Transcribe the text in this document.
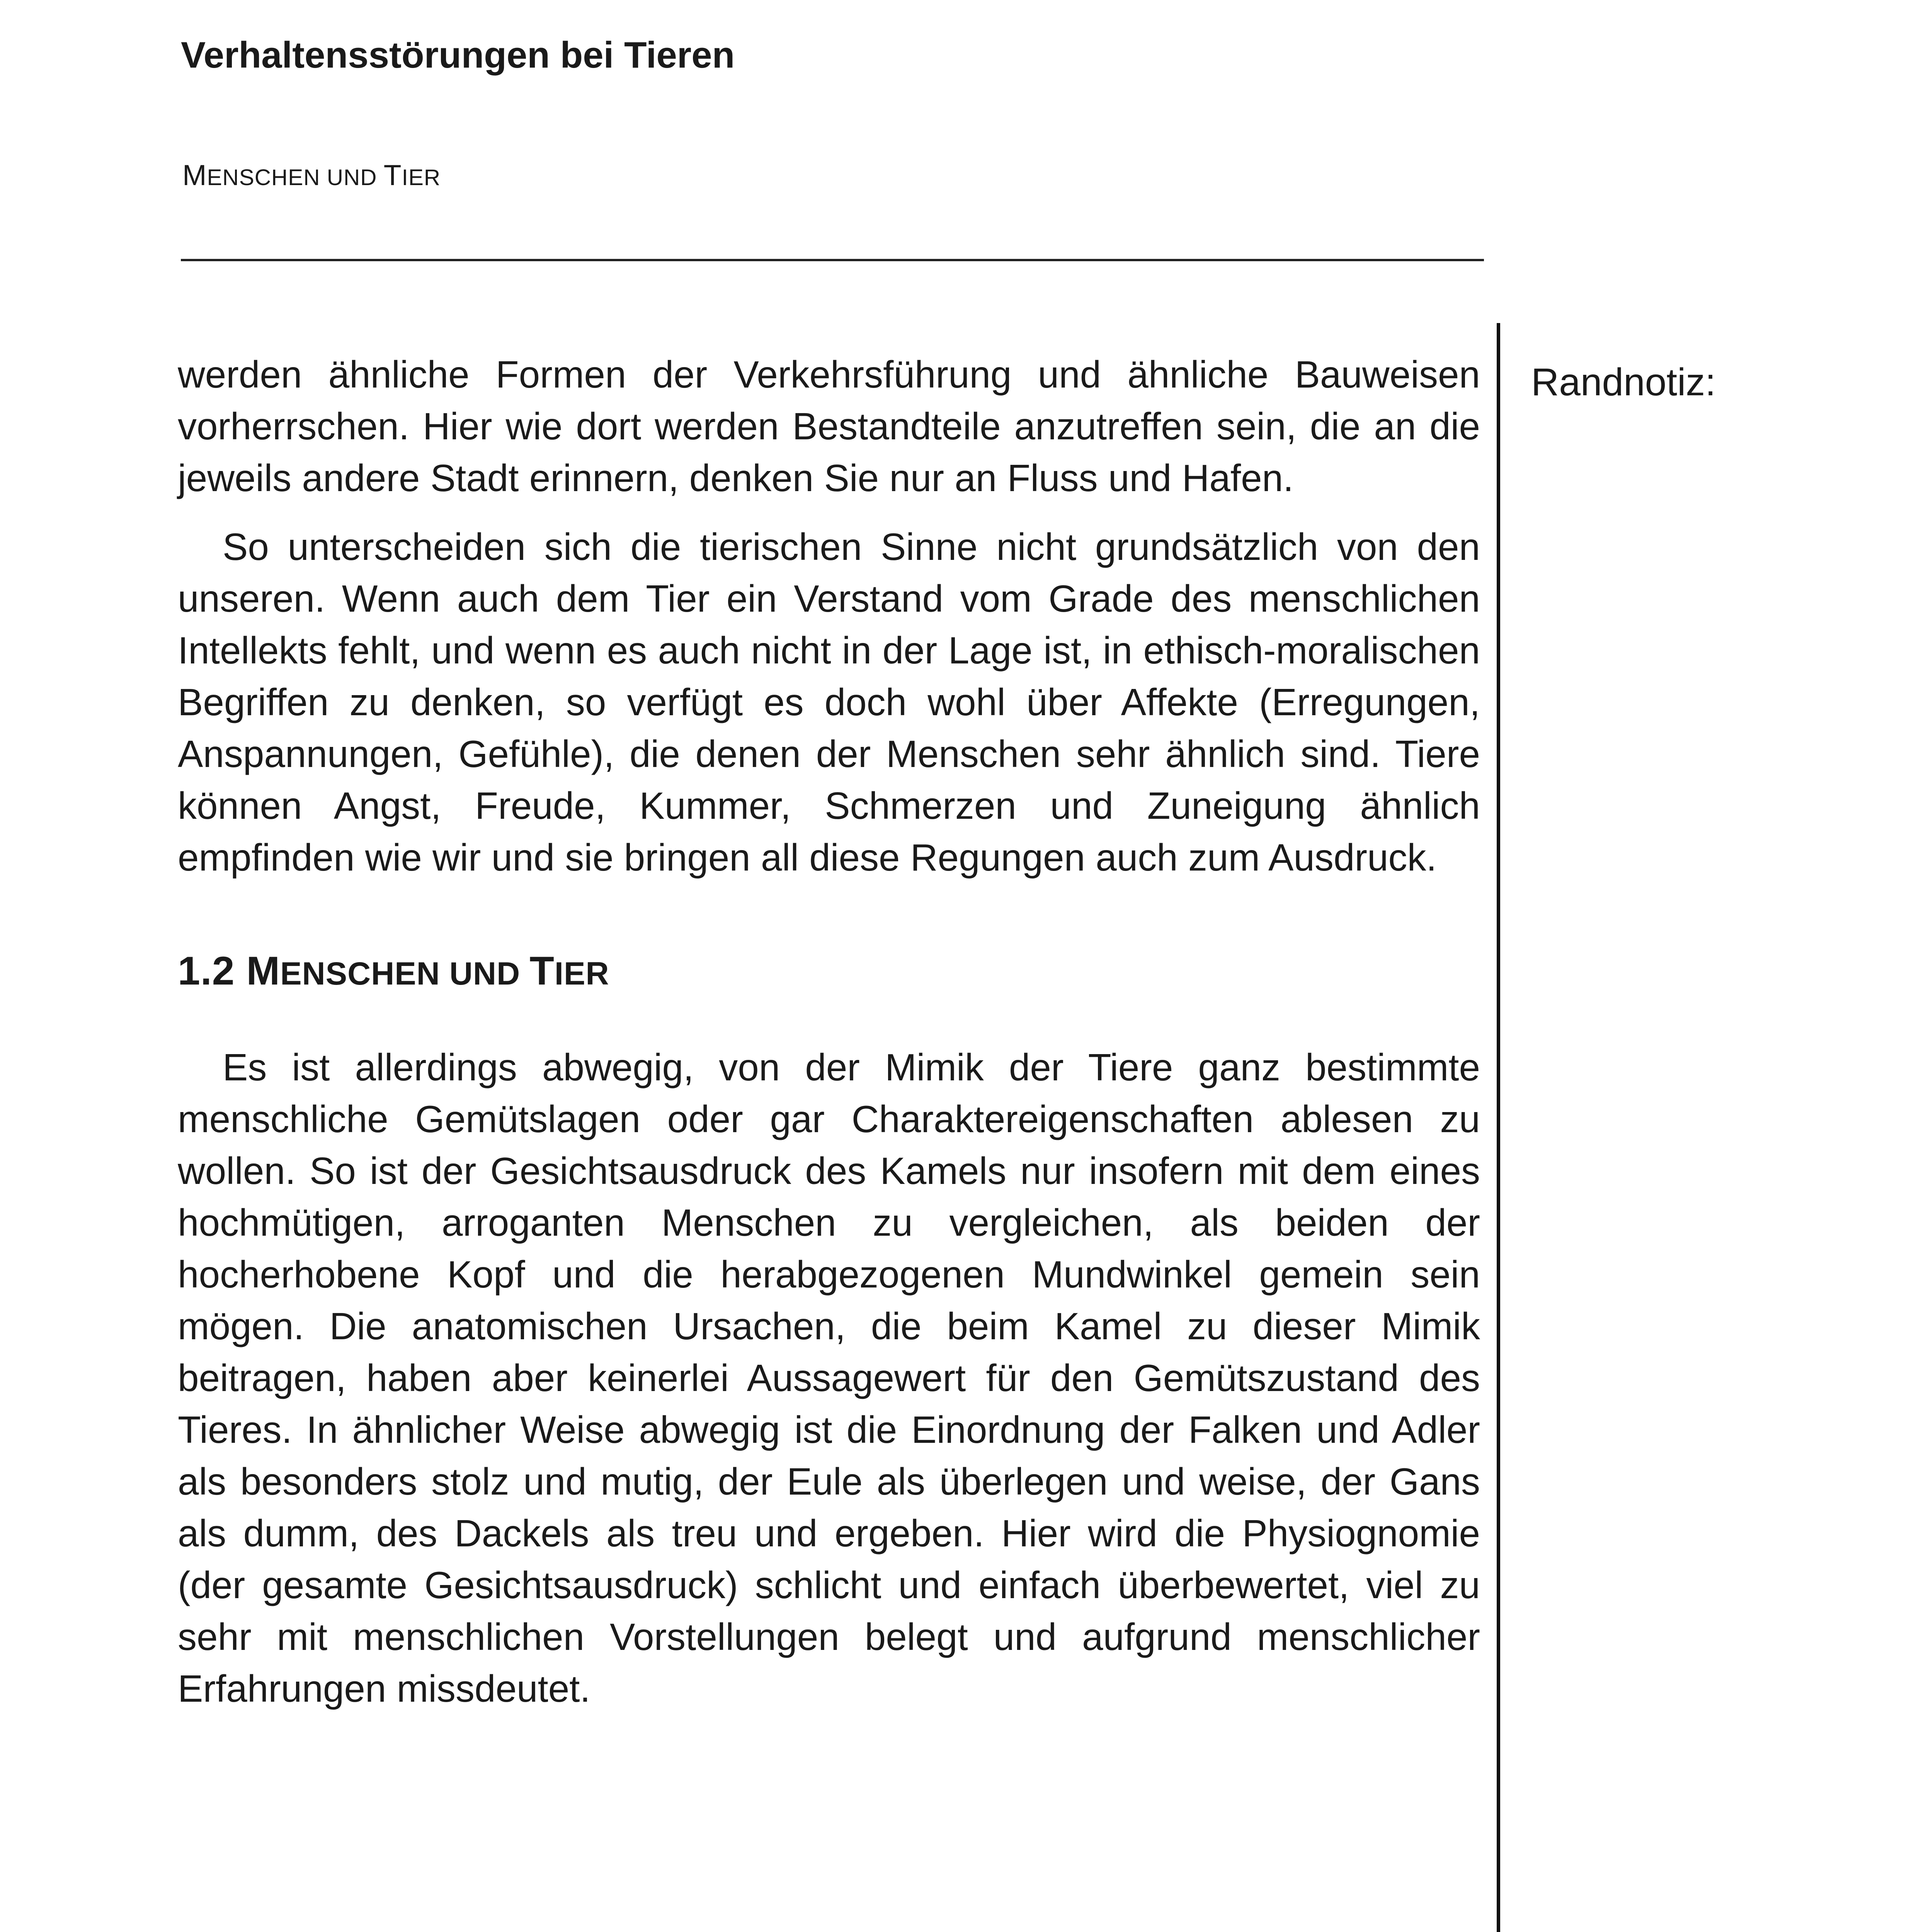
Verhaltensstörungen bei Tieren
MENSCHEN UND TIER
Randnotiz:

werden ähnliche Formen der Verkehrsführung und ähnliche Bauweisen vorherrschen. Hier wie dort werden Bestandteile anzutreffen sein, die an die jeweils andere Stadt erinnern, denken Sie nur an Fluss und Hafen.

So unterscheiden sich die tierischen Sinne nicht grundsätzlich von den unseren. Wenn auch dem Tier ein Verstand vom Grade des menschlichen Intellekts fehlt, und wenn es auch nicht in der Lage ist, in ethisch-moralischen Begriffen zu denken, so verfügt es doch wohl über Affekte (Erregungen, Anspannungen, Gefühle), die denen der Menschen sehr ähnlich sind. Tiere können Angst, Freude, Kummer, Schmerzen und Zuneigung ähnlich empfinden wie wir und sie bringen all diese Regungen auch zum Ausdruck.

1.2 MENSCHEN UND TIER

Es ist allerdings abwegig, von der Mimik der Tiere ganz bestimmte menschliche Gemütslagen oder gar Charaktereigenschaften ablesen zu wollen. So ist der Gesichtsausdruck des Kamels nur insofern mit dem eines hochmütigen, arroganten Menschen zu vergleichen, als beiden der hocherhobene Kopf und die herabgezogenen Mundwinkel gemein sein mögen. Die anatomischen Ursachen, die beim Kamel zu dieser Mimik beitragen, haben aber keinerlei Aussagewert für den Gemütszustand des Tieres. In ähnlicher Weise abwegig ist die Einordnung der Falken und Adler als besonders stolz und mutig, der Eule als überlegen und weise, der Gans als dumm, des Dackels als treu und ergeben. Hier wird die Physiognomie (der gesamte Gesichtsausdruck) schlicht und einfach überbewertet, viel zu sehr mit menschlichen Vorstellungen belegt und aufgrund menschlicher Erfahrungen missdeutet.
